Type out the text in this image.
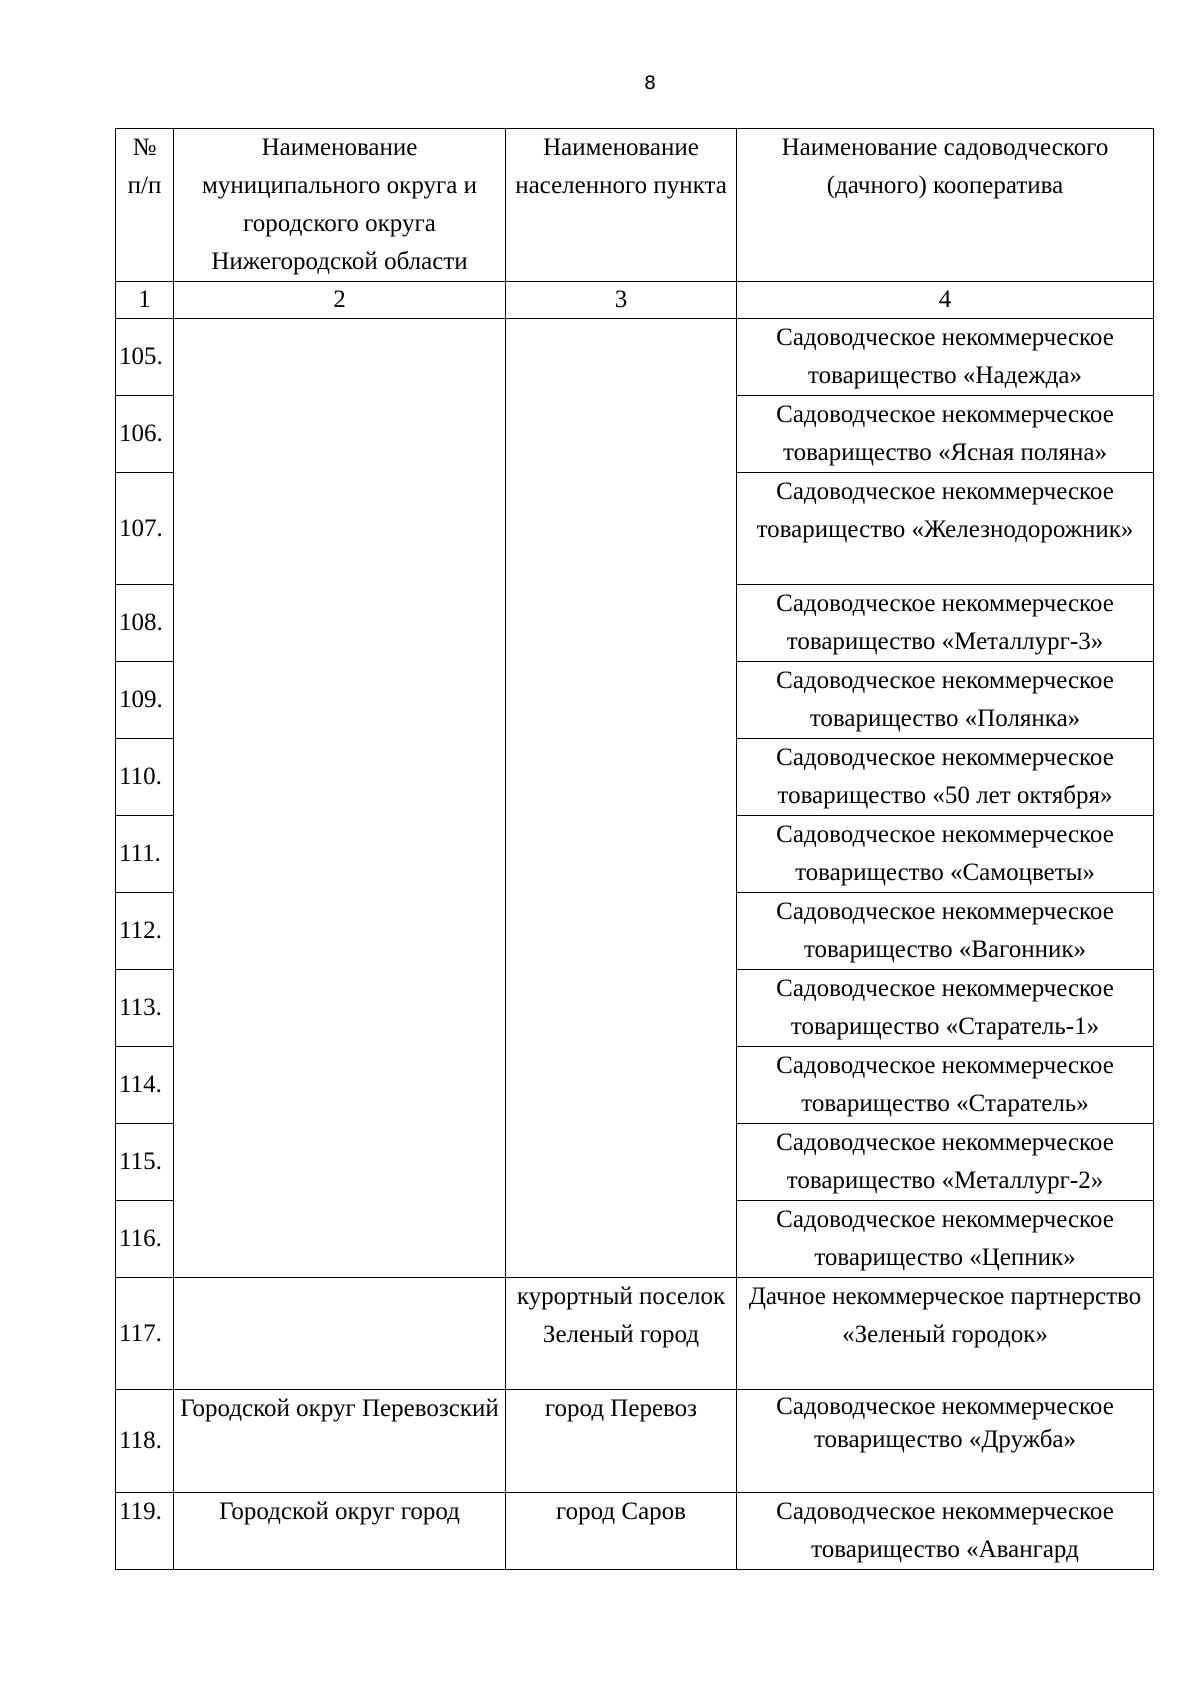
8
№ п/п	Наименование муниципального округа и городского округа Нижегородской области	Наименование населенного пункта	Наименование садоводческого (дачного) кооператива
1	2	3	4
105.			Садоводческое некоммерческое товарищество «Надежда»
106.			Садоводческое некоммерческое товарищество «Ясная поляна»
107.			Садоводческое некоммерческое товарищество «Железнодорожник»
108.			Садоводческое некоммерческое товарищество «Металлург-3»
109.			Садоводческое некоммерческое товарищество «Полянка»
110.			Садоводческое некоммерческое товарищество «50 лет октября»
111.			Садоводческое некоммерческое товарищество «Самоцветы»
112.			Садоводческое некоммерческое товарищество «Вагонник»
113.			Садоводческое некоммерческое товарищество «Старатель-1»
114.			Садоводческое некоммерческое товарищество «Старатель»
115.			Садоводческое некоммерческое товарищество «Металлург-2»
116.			Садоводческое некоммерческое товарищество «Цепник»
117.		курортный поселок Зеленый город	Дачное некоммерческое партнерство «Зеленый городок»
118.	Городской округ Перевозский	город Перевоз	Садоводческое некоммерческое товарищество «Дружба»
119.	Городской округ город	город Саров	Садоводческое некоммерческое товарищество «Авангард
